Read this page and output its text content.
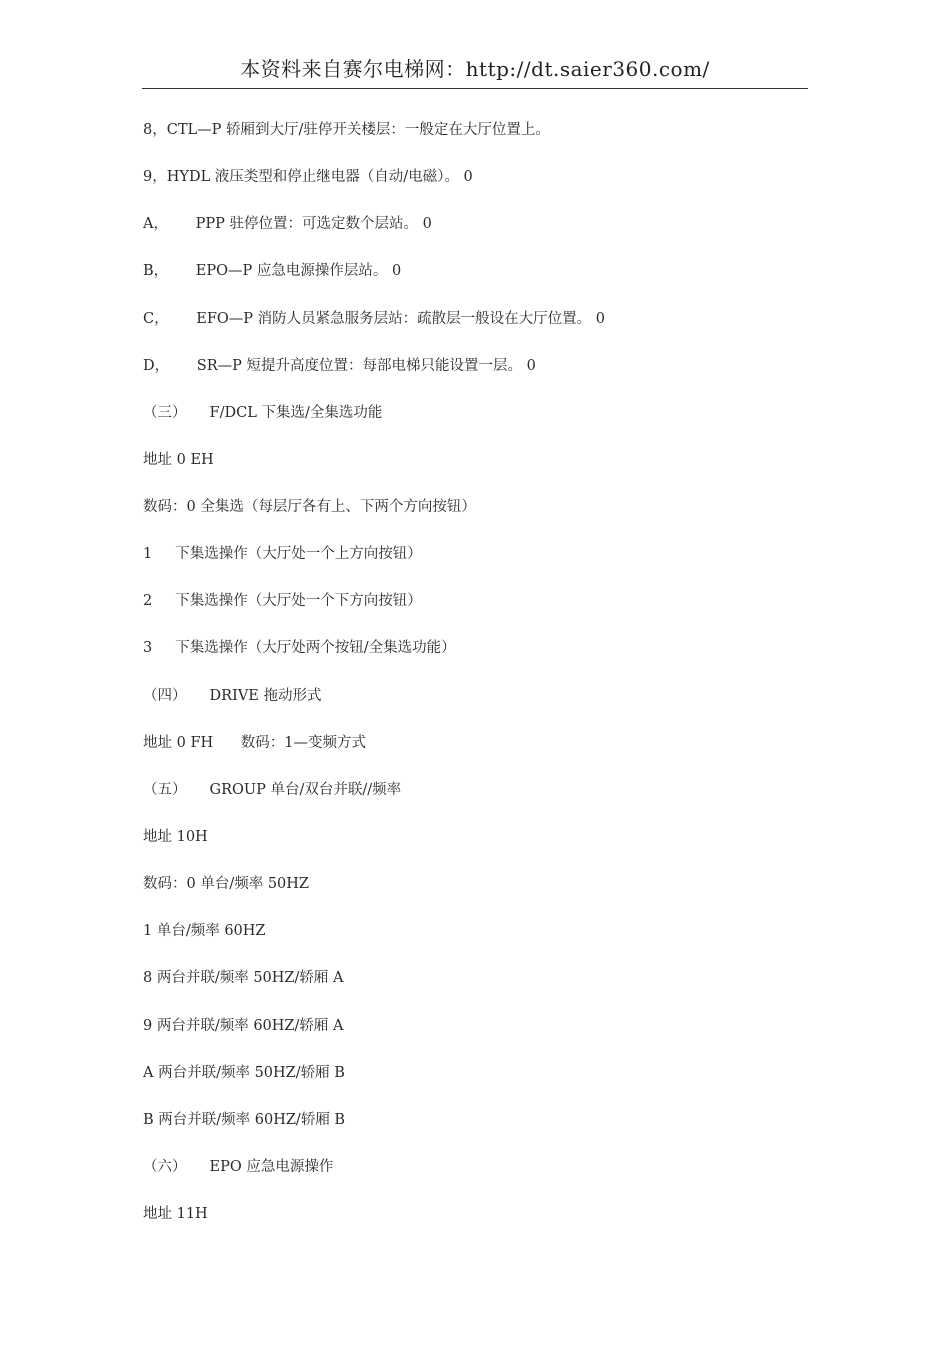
本资料来自赛尔电梯网：http://dt.saier360.com/
8，CTL—P 轿厢到大厅/驻停开关楼层：一般定在大厅位置上。
9，HYDL 液压类型和停止继电器（自动/电磁）。 0
A，      PPP 驻停位置：可选定数个层站。 0
B，      EPO—P 应急电源操作层站。 0
C，      EFO—P 消防人员紧急服务层站：疏散层一般设在大厅位置。 0
D，      SR—P 短提升高度位置：每部电梯只能设置一层。 0
（三）     F/DCL 下集选/全集选功能
地址 0 EH
数码：0 全集选（每层厅各有上、下两个方向按钮）
1     下集选操作（大厅处一个上方向按钮）
2     下集选操作（大厅处一个下方向按钮）
3     下集选操作（大厅处两个按钮/全集选功能）
（四）     DRIVE 拖动形式
地址 0 FH      数码：1—变频方式
（五）     GROUP 单台/双台并联//频率
地址 10H
数码：0 单台/频率 50HZ
1 单台/频率 60HZ
8 两台并联/频率 50HZ/轿厢 A
9 两台并联/频率 60HZ/轿厢 A
A 两台并联/频率 50HZ/轿厢 B
B 两台并联/频率 60HZ/轿厢 B
（六）     EPO 应急电源操作
地址 11H
